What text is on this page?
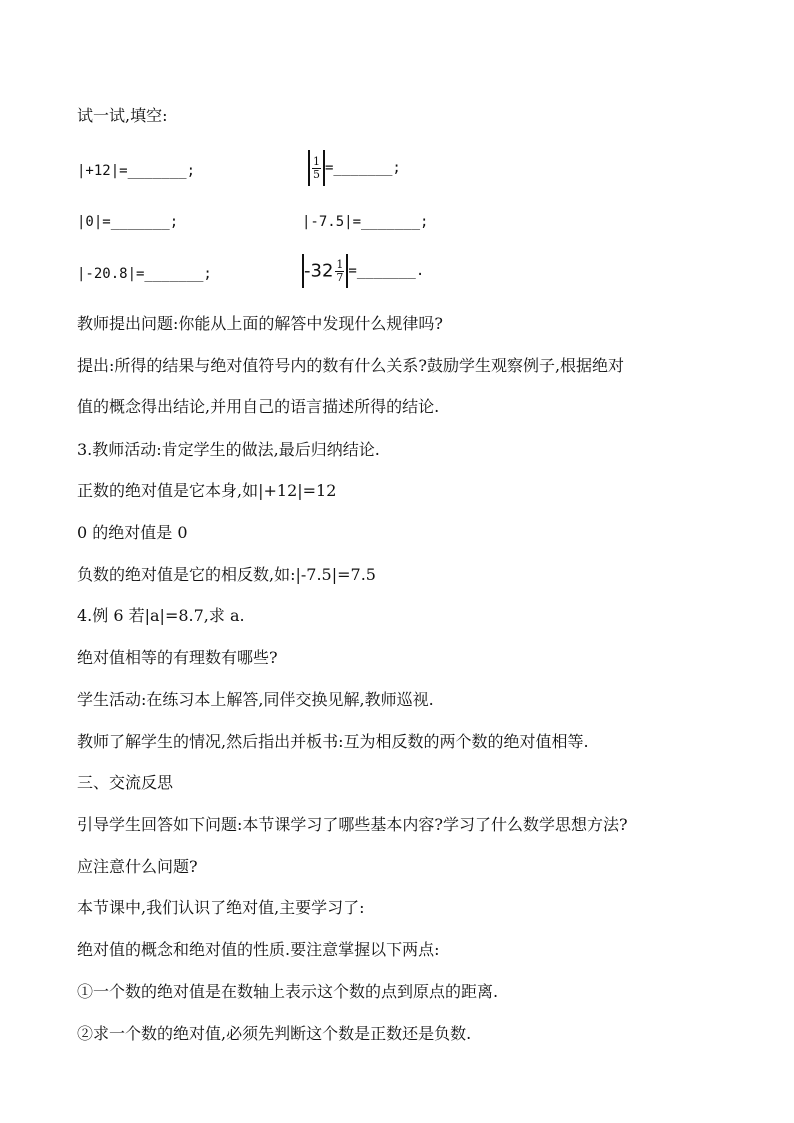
试一试,填空:
|+12|=_______;	$\frac{1}{5}$ =_______;
|0|=_______;	|-7.5|=_______;
|-20.8|=_______;	$-32 \frac{1}{7}$ =_______.
教师提出问题:你能从上面的解答中发现什么规律吗?
提出:所得的结果与绝对值符号内的数有什么关系?鼓励学生观察例子,根据绝对
值的概念得出结论,并用自己的语言描述所得的结论.
3.教师活动:肯定学生的做法,最后归纳结论.
正数的绝对值是它本身,如|+12|=12
0 的绝对值是 0
负数的绝对值是它的相反数,如:|-7.5|=7.5
4.例 6 若|a|=8.7,求 a.
绝对值相等的有理数有哪些?
学生活动:在练习本上解答,同伴交换见解,教师巡视.
教师了解学生的情况,然后指出并板书:互为相反数的两个数的绝对值相等.
三、交流反思
引导学生回答如下问题:本节课学习了哪些基本内容?学习了什么数学思想方法?
应注意什么问题?
本节课中,我们认识了绝对值,主要学习了:
绝对值的概念和绝对值的性质.要注意掌握以下两点:
①一个数的绝对值是在数轴上表示这个数的点到原点的距离.
②求一个数的绝对值,必须先判断这个数是正数还是负数.
